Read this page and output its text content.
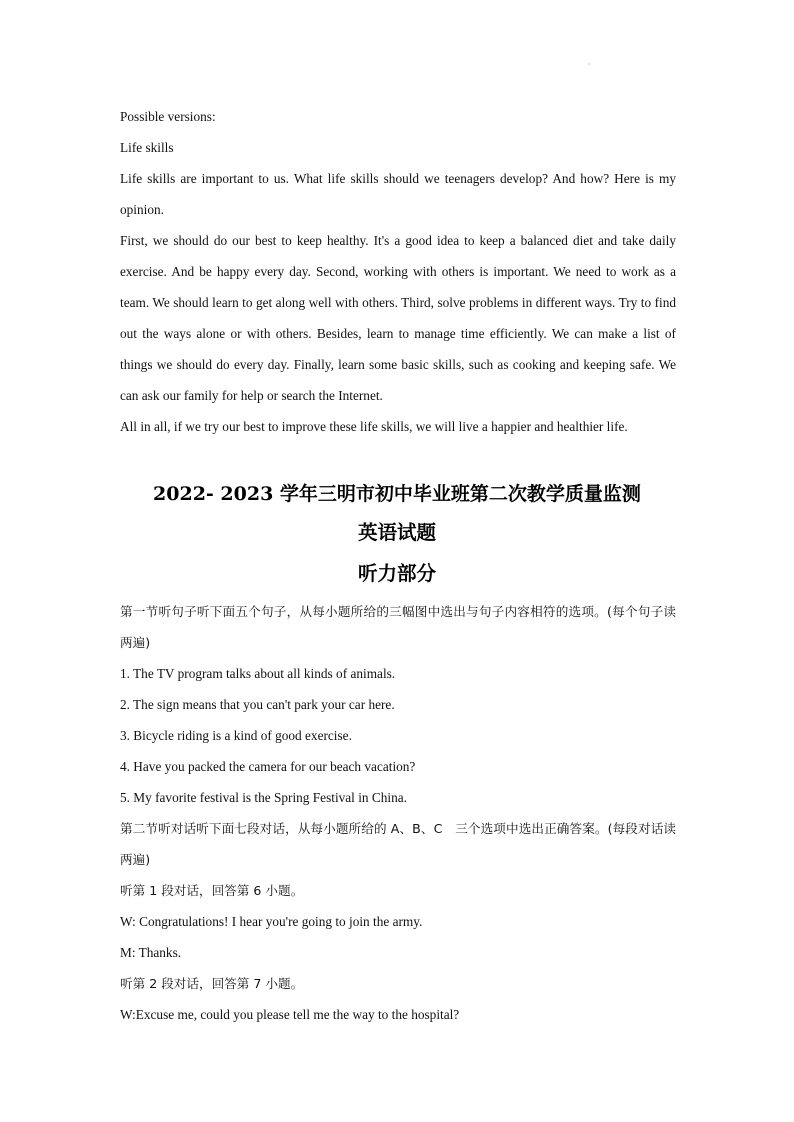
Possible versions:

Life skills

Life skills are important to us. What life skills should we teenagers develop? And how? Here is my opinion.

First, we should do our best to keep healthy. It's a good idea to keep a balanced diet and take daily exercise. And be happy every day. Second, working with others is important. We need to work as a team. We should learn to get along well with others. Third, solve problems in different ways. Try to find out the ways alone or with others. Besides, learn to manage time efficiently. We can make a list of things we should do every day. Finally, learn some basic skills, such as cooking and keeping safe. We can ask our family for help or search the Internet.

All in all, if we try our best to improve these life skills, we will live a happier and healthier life.

2022- 2023 学年三明市初中毕业班第二次教学质量监测
英语试题
听力部分

第一节听句子听下面五个句子，从每小题所给的三幅图中选出与句子内容相符的选项。(每个句子读两遍)

1. The TV program talks about all kinds of animals.

2. The sign means that you can't park your car here.

3. Bicycle riding is a kind of good exercise.

4. Have you packed the camera for our beach vacation?

5. My favorite festival is the Spring Festival in China.

第二节听对话听下面七段对话，从每小题所给的 A、B、C　三个选项中选出正确答案。(每段对话读两遍)

听第 1 段对话，回答第 6 小题。

W: Congratulations! I hear you're going to join the army.

M: Thanks.

听第 2 段对话，回答第 7 小题。

W:Excuse me, could you please tell me the way to the hospital?
